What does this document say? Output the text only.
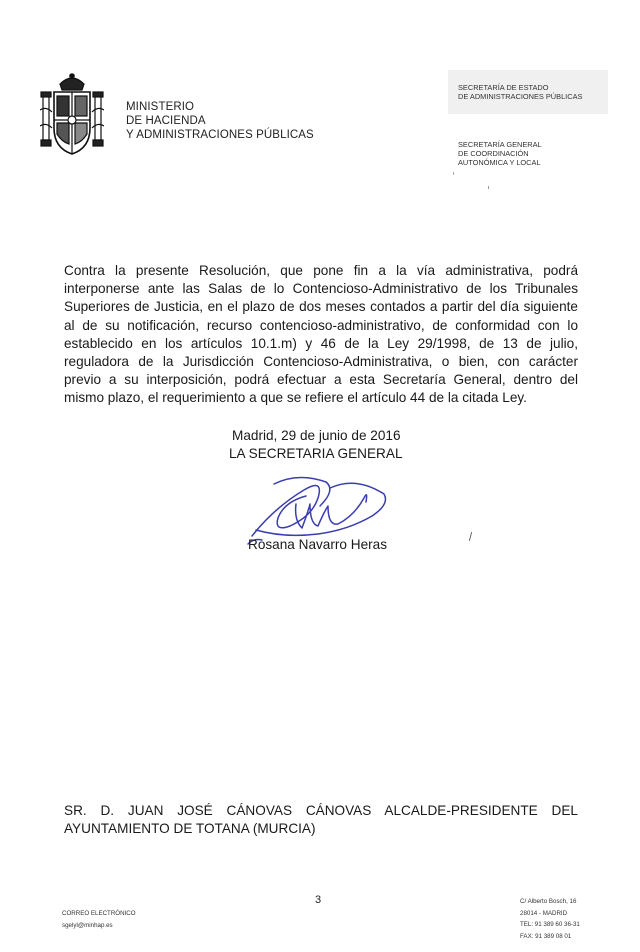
MINISTERIO
DE HACIENDA
Y ADMINISTRACIONES PÚBLICAS
SECRETARÍA DE ESTADO
DE ADMINISTRACIONES PÚBLICAS
SECRETARÍA GENERAL
DE COORDINACIÓN
AUTONÓMICA Y LOCAL
Contra la presente Resolución, que pone fin a la vía administrativa, podrá
interponerse ante las Salas de lo Contencioso-Administrativo de los Tribunales
Superiores de Justicia, en el plazo de dos meses contados a partir del día siguiente
al de su notificación, recurso contencioso-administrativo, de conformidad con lo
establecido en los artículos 10.1.m) y 46 de la Ley 29/1998, de 13 de julio,
reguladora de la Jurisdicción Contencioso-Administrativa, o bien, con carácter
previo a su interposición, podrá efectuar a esta Secretaría General, dentro del
mismo plazo, el requerimiento a que se refiere el artículo 44 de la citada Ley.
Madrid, 29 de junio de 2016
LA SECRETARIA GENERAL
Rosana Navarro Heras
SR. D. JUAN JOSÉ CÁNOVAS CÁNOVAS ALCALDE-PRESIDENTE DEL
AYUNTAMIENTO DE TOTANA (MURCIA)
3
CORREO ELECTRÓNICO
sgelyl@minhap.es
C/ Alberto Bosch, 16
28014 - MADRID
TEL: 91 389 60 36-31
FAX: 91 389 08 01
